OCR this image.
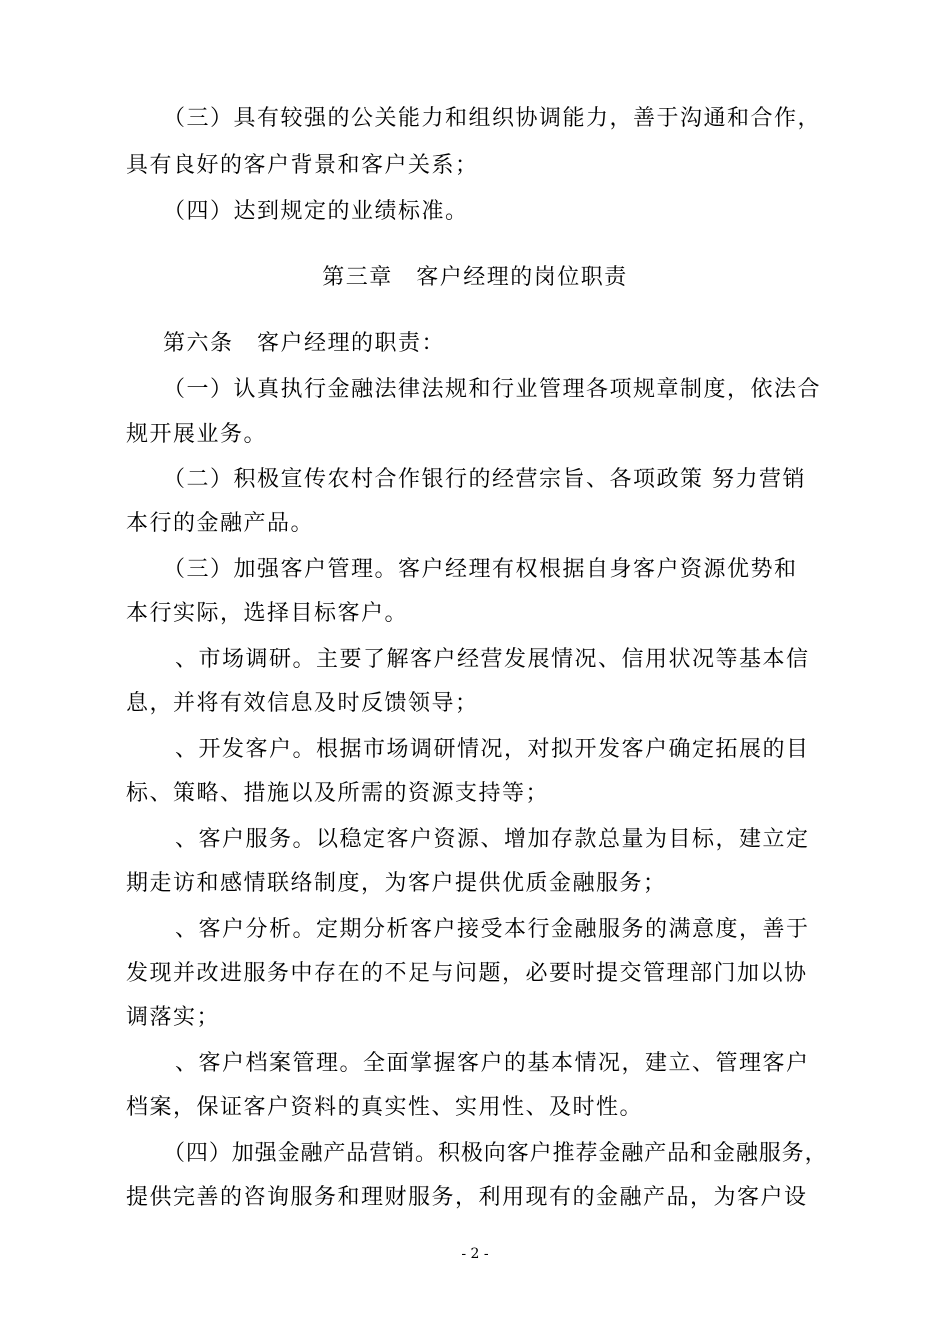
（三）具有较强的公关能力和组织协调能力，善于沟通和合作，
具有良好的客户背景和客户关系；
（四）达到规定的业绩标准。
第三章　客户经理的岗位职责
第六条　客户经理的职责：
（一）认真执行金融法律法规和行业管理各项规章制度，依法合
规开展业务。
（二）积极宣传农村合作银行的经营宗旨、各项政策 努力营销
本行的金融产品。
（三）加强客户管理。客户经理有权根据自身客户资源优势和
本行实际，选择目标客户。
、市场调研。主要了解客户经营发展情况、信用状况等基本信
息，并将有效信息及时反馈领导；
、开发客户。根据市场调研情况，对拟开发客户确定拓展的目
标、策略、措施以及所需的资源支持等；
、客户服务。以稳定客户资源、增加存款总量为目标，建立定
期走访和感情联络制度，为客户提供优质金融服务；
、客户分析。定期分析客户接受本行金融服务的满意度，善于
发现并改进服务中存在的不足与问题，必要时提交管理部门加以协
调落实；
、客户档案管理。全面掌握客户的基本情况，建立、管理客户
档案，保证客户资料的真实性、实用性、及时性。
（四）加强金融产品营销。积极向客户推荐金融产品和金融服务，
提供完善的咨询服务和理财服务，利用现有的金融产品，为客户设
- 2 -
